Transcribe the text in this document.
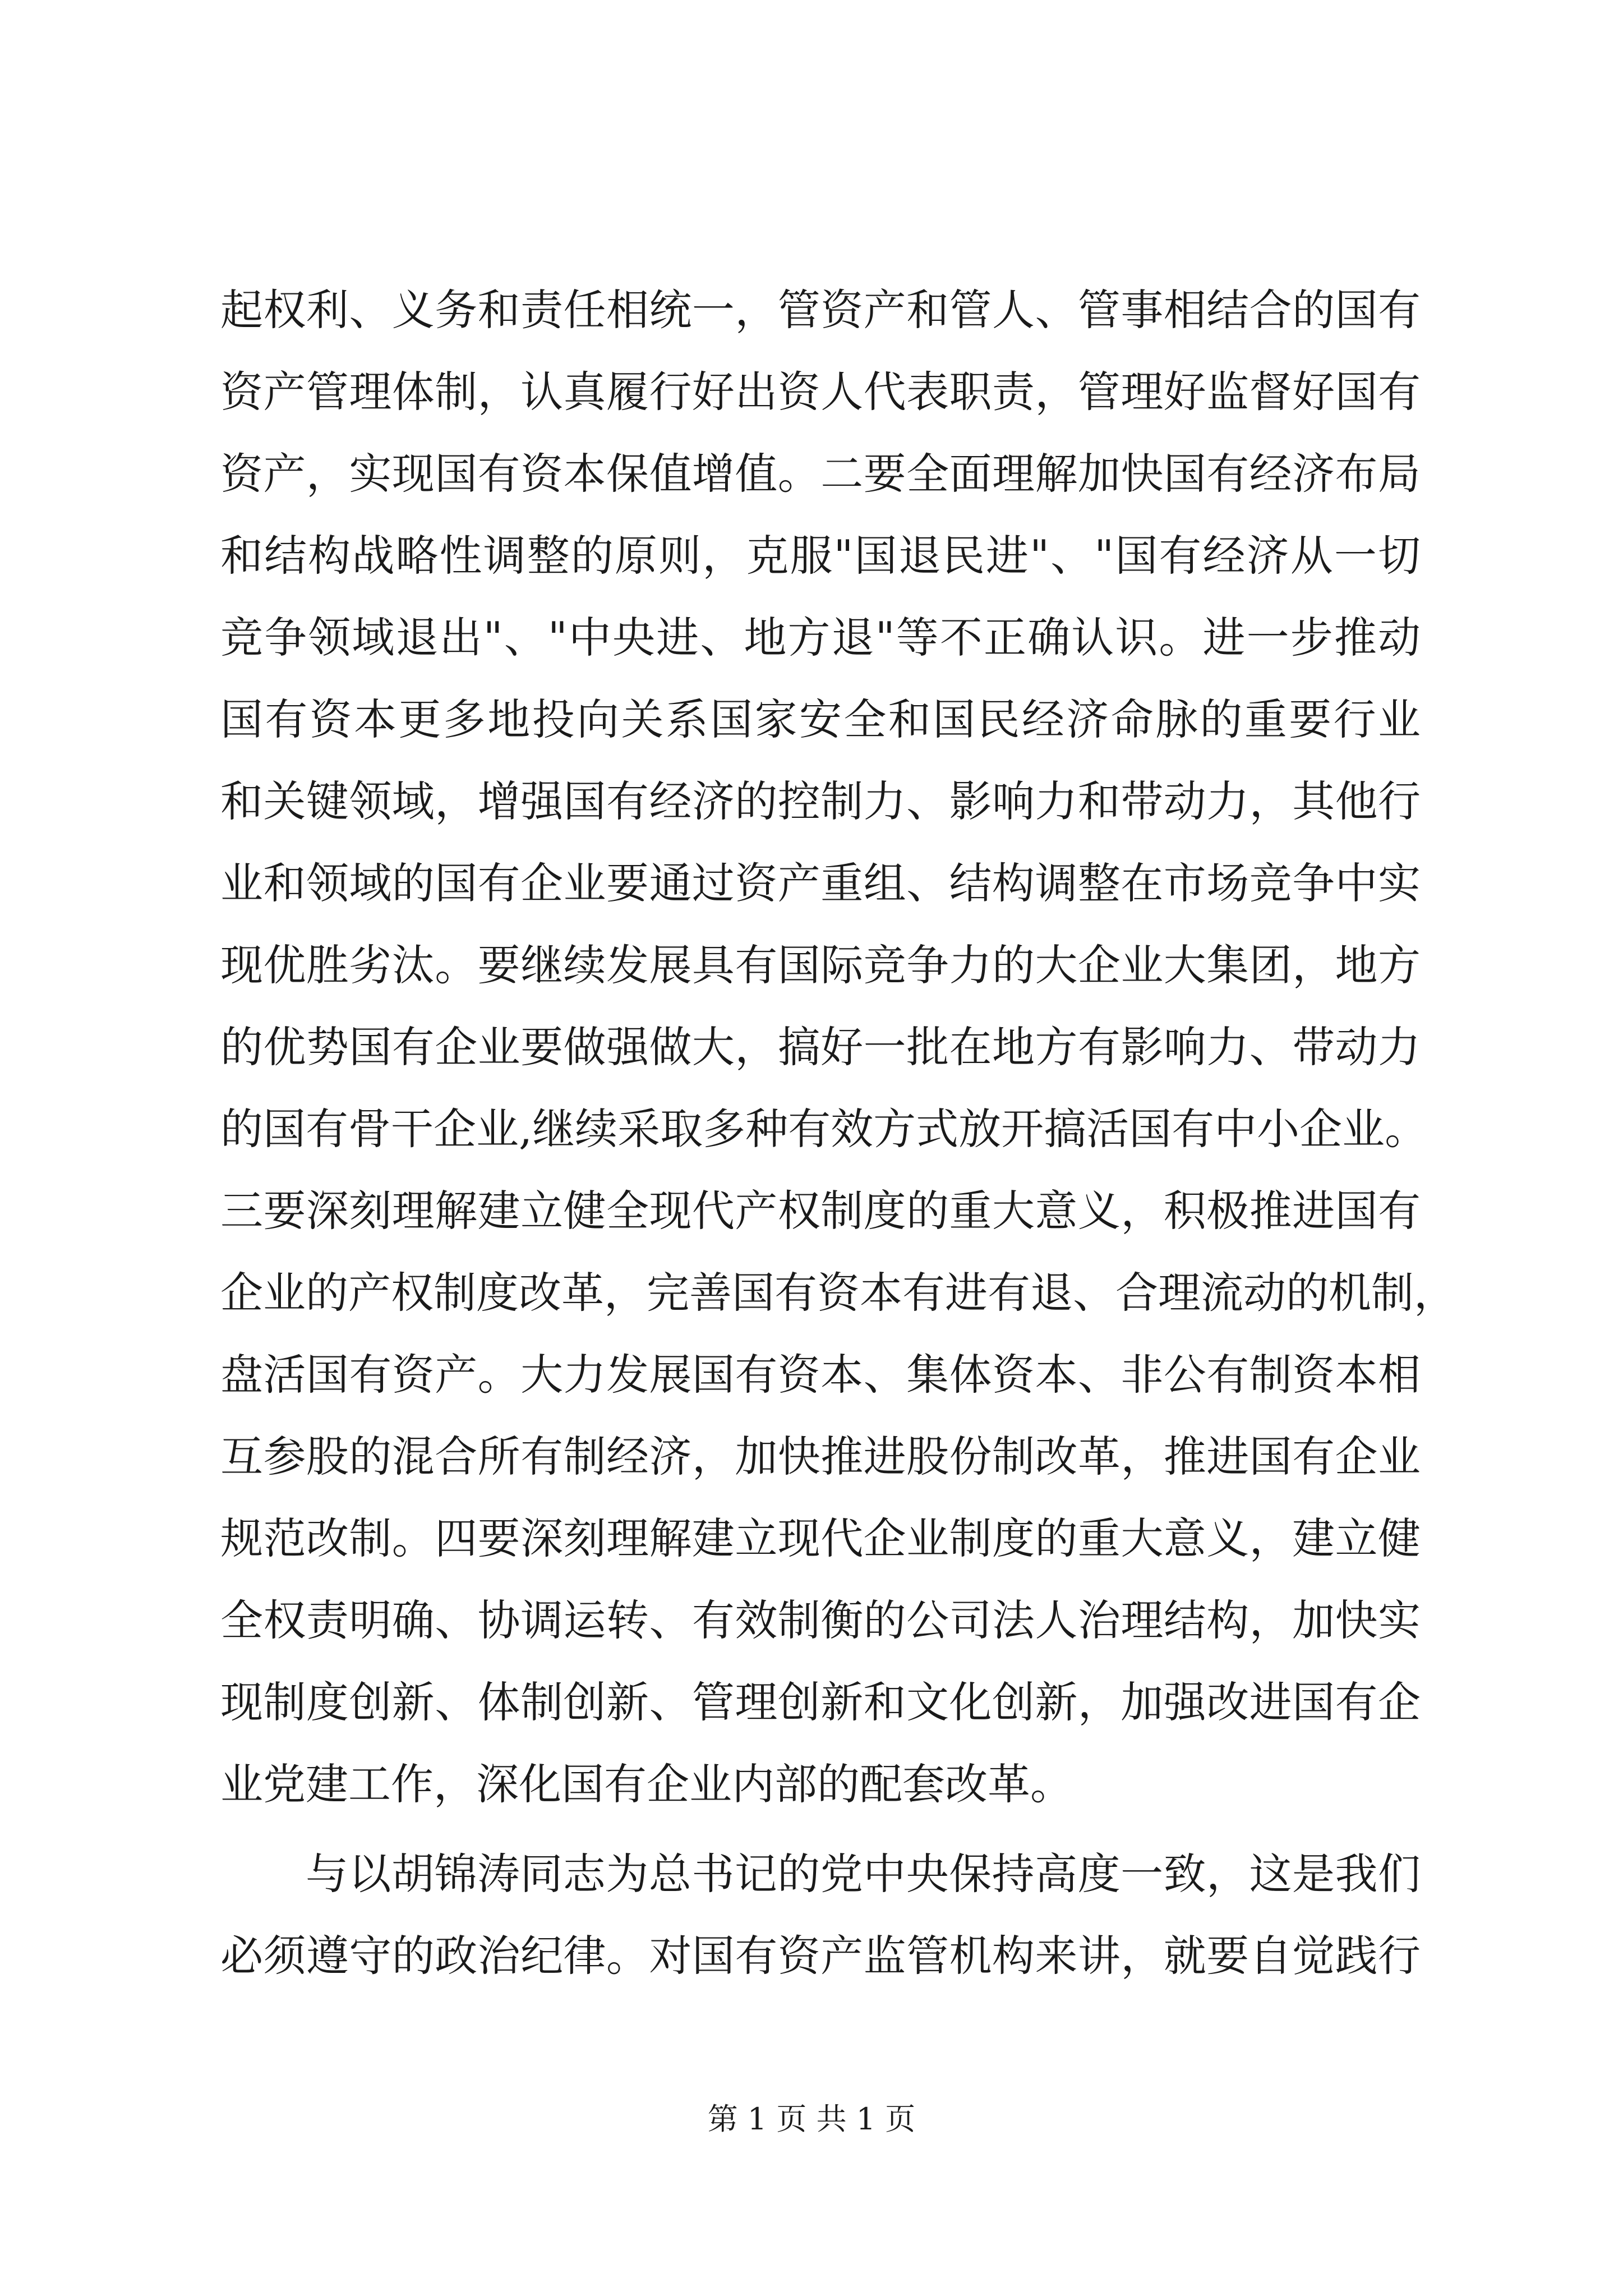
起权利、义务和责任相统一，管资产和管人、管事相结合的国有
资产管理体制，认真履行好出资人代表职责，管理好监督好国有
资产，实现国有资本保值增值。二要全面理解加快国有经济布局
和结构战略性调整的原则，克服"国退民进"、"国有经济从一切
竞争领域退出"、"中央进、地方退"等不正确认识。进一步推动
国有资本更多地投向关系国家安全和国民经济命脉的重要行业
和关键领域，增强国有经济的控制力、影响力和带动力，其他行
业和领域的国有企业要通过资产重组、结构调整在市场竞争中实
现优胜劣汰。要继续发展具有国际竞争力的大企业大集团，地方
的优势国有企业要做强做大，搞好一批在地方有影响力、带动力
的国有骨干企业,继续采取多种有效方式放开搞活国有中小企业。
三要深刻理解建立健全现代产权制度的重大意义，积极推进国有
企业的产权制度改革，完善国有资本有进有退、合理流动的机制，
盘活国有资产。大力发展国有资本、集体资本、非公有制资本相
互参股的混合所有制经济，加快推进股份制改革，推进国有企业
规范改制。四要深刻理解建立现代企业制度的重大意义，建立健
全权责明确、协调运转、有效制衡的公司法人治理结构，加快实
现制度创新、体制创新、管理创新和文化创新，加强改进国有企
业党建工作，深化国有企业内部的配套改革。
与以胡锦涛同志为总书记的党中央保持高度一致，这是我们
必须遵守的政治纪律。对国有资产监管机构来讲，就要自觉践行
第 1 页 共 1 页
